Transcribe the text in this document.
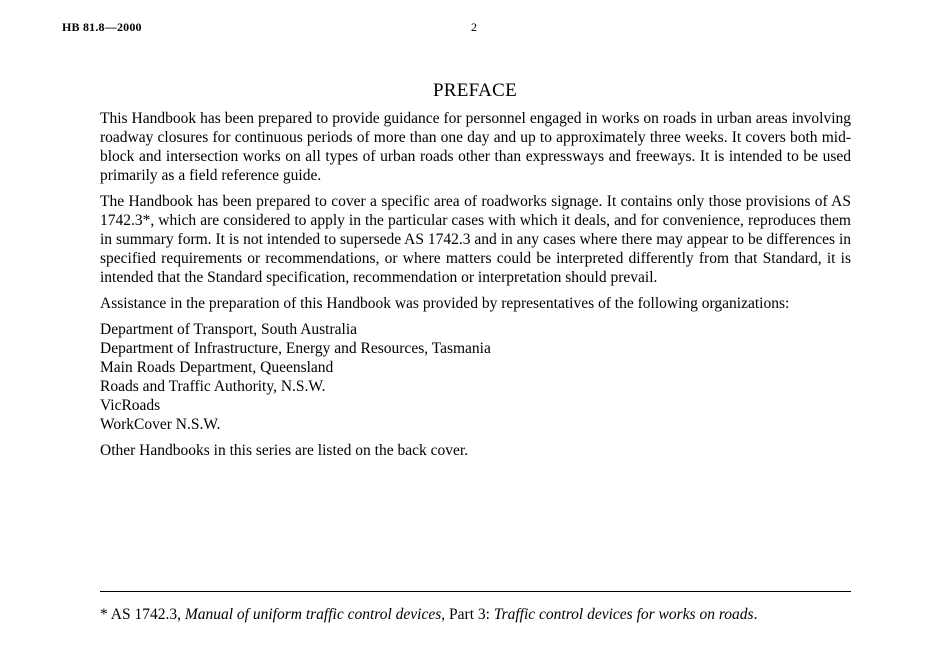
HB 81.8—2000	2
PREFACE

This Handbook has been prepared to provide guidance for personnel engaged in works on roads in urban areas involving roadway closures for continuous periods of more than one day and up to approximately three weeks. It covers both mid-block and intersection works on all types of urban roads other than expressways and freeways. It is intended to be used primarily as a field reference guide.

The Handbook has been prepared to cover a specific area of roadworks signage. It contains only those provisions of AS 1742.3*, which are considered to apply in the particular cases with which it deals, and for convenience, reproduces them in summary form. It is not intended to supersede AS 1742.3 and in any cases where there may appear to be differences in specified requirements or recommendations, or where matters could be interpreted differently from that Standard, it is intended that the Standard specification, recommendation or interpretation should prevail.

Assistance in the preparation of this Handbook was provided by representatives of the following organizations:

Department of Transport, South Australia
Department of Infrastructure, Energy and Resources, Tasmania
Main Roads Department, Queensland
Roads and Traffic Authority, N.S.W.
VicRoads
WorkCover N.S.W.

Other Handbooks in this series are listed on the back cover.

* AS 1742.3, Manual of uniform traffic control devices, Part 3: Traffic control devices for works on roads.
